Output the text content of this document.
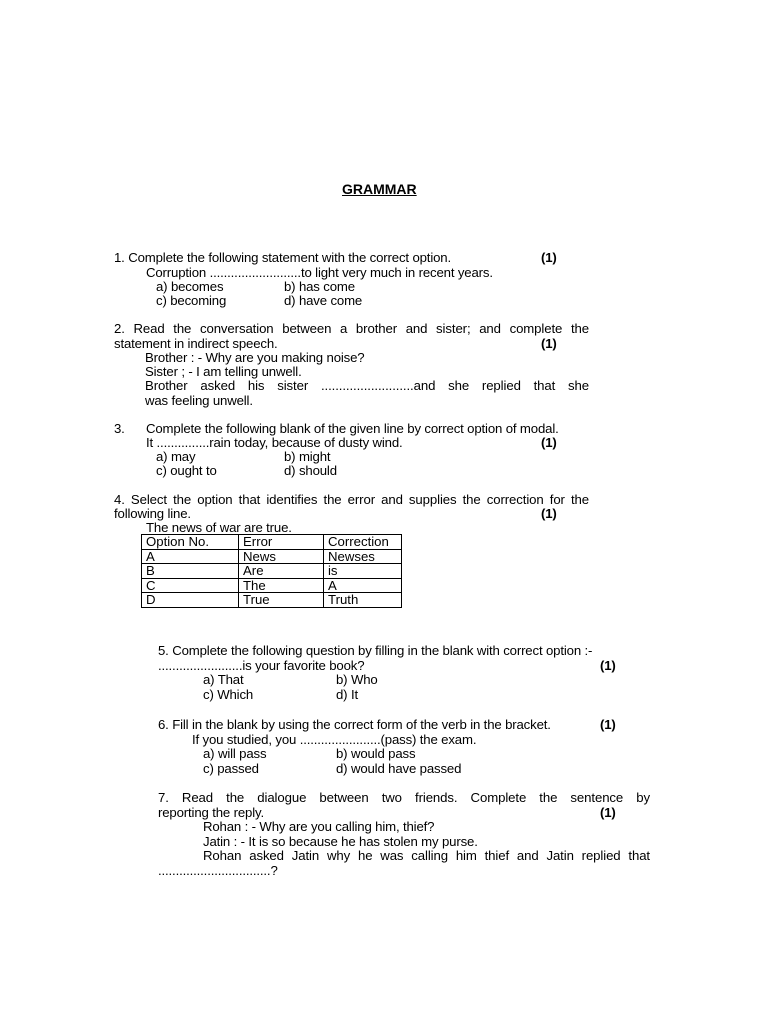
GRAMMAR
1. Complete the following statement with the correct option.	(1)
Corruption ..........................to light very much in recent years.
a) becomes	b) has come
c) becoming	d) have come
2. Read the conversation between a brother and sister; and complete the
statement in indirect speech.	(1)
Brother : - Why are you making noise?
Sister ; - I am telling unwell.
Brother asked his sister ..........................and she replied that she
was feeling unwell.
3. Complete the following blank of the given line by correct option of modal.
It ...............rain today, because of dusty wind.	(1)
a) may	b) might
c) ought to	d) should
4. Select the option that identifies the error and supplies the correction for the
following line.	(1)
The news of war are true.
Option No.	Error	Correction
A	News	Newses
B	Are	is
C	The	A
D	True	Truth
5. Complete the following question by filling in the blank with correct option :-
........................is your favorite book?	(1)
a) That	b) Who
c) Which	d) It
6. Fill in the blank by using the correct form of the verb in the bracket.	(1)
If you studied, you .......................(pass) the exam.
a) will pass	b) would pass
c) passed	d) would have passed
7. Read the dialogue between two friends. Complete the sentence by
reporting the reply.	(1)
Rohan : - Why are you calling him, thief?
Jatin : - It is so because he has stolen my purse.
Rohan asked Jatin why he was calling him thief and Jatin replied that
................................?
